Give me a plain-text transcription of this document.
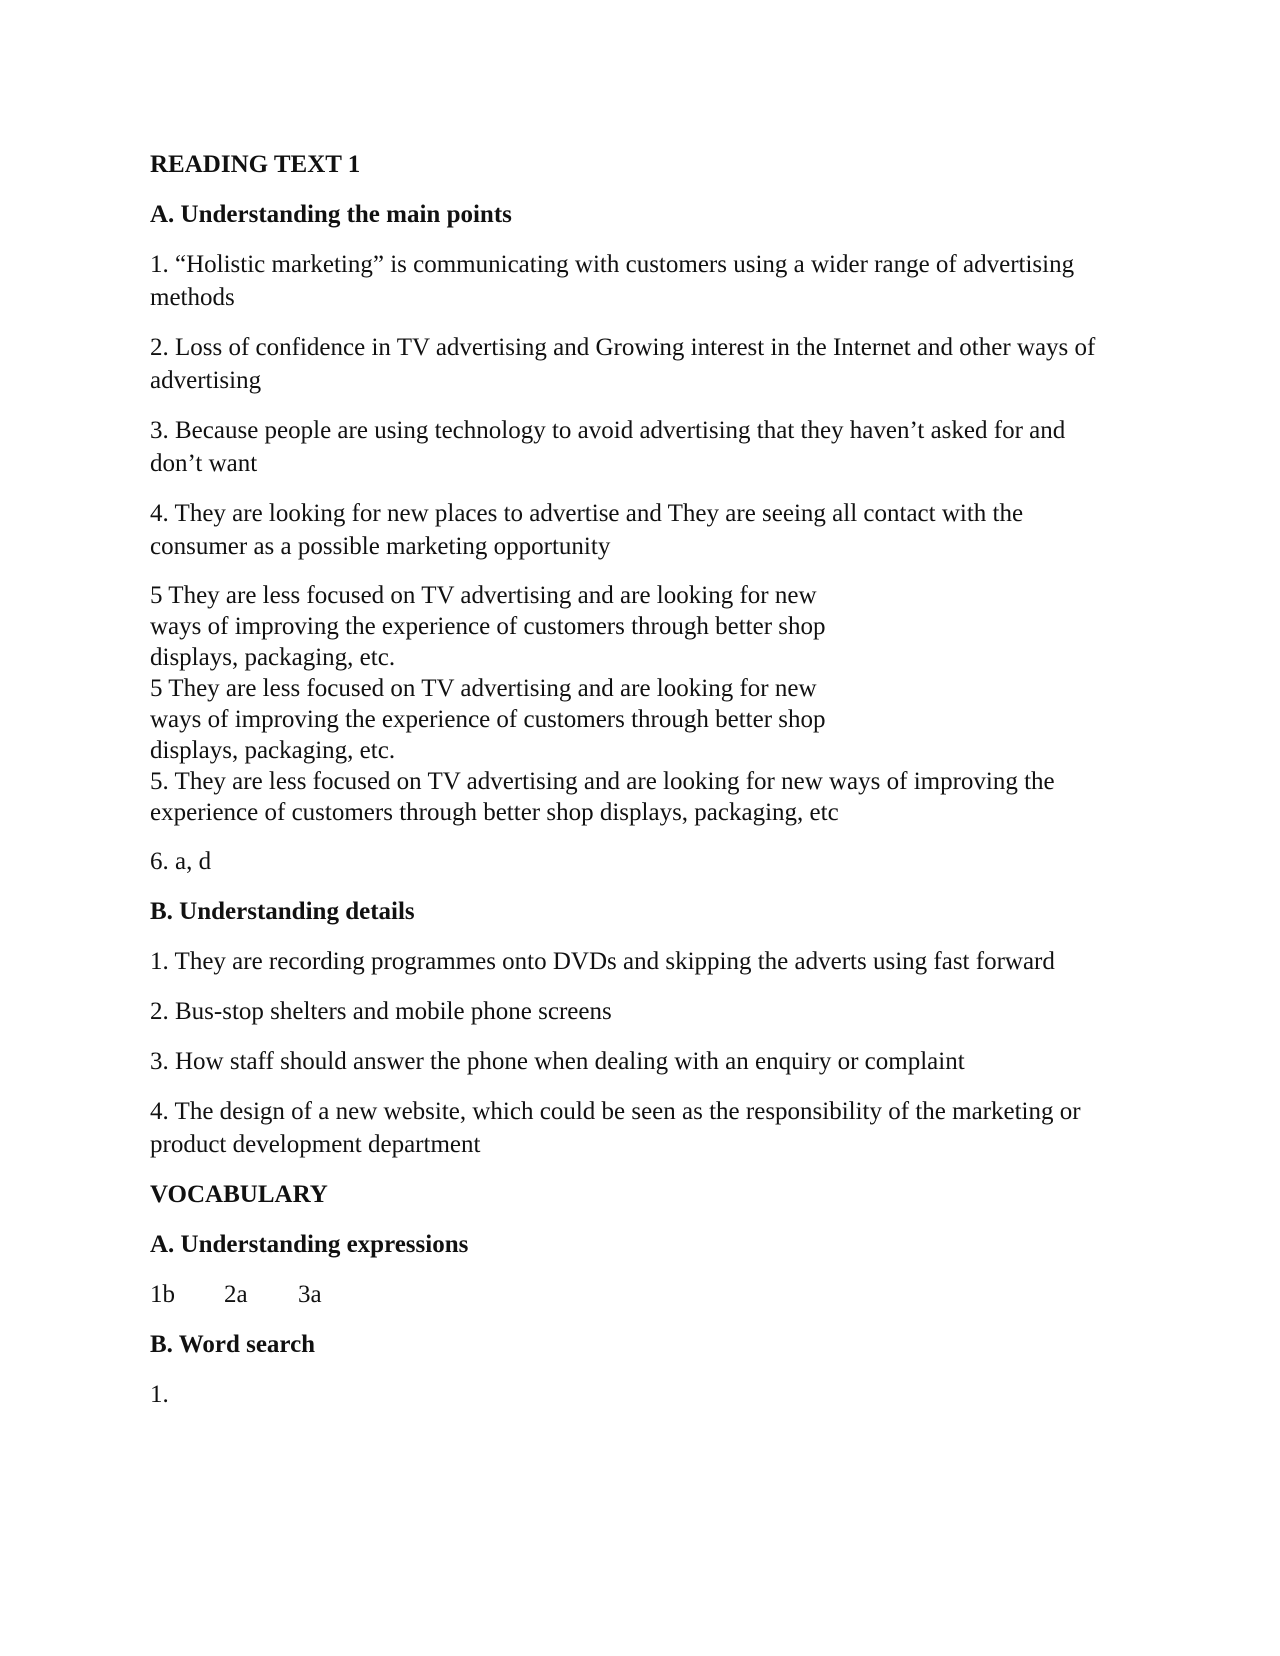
READING TEXT 1
A. Understanding the main points
1. “Holistic marketing” is communicating with customers using a wider range of advertising methods
2. Loss of confidence in TV advertising and Growing interest in the Internet and other ways of advertising
3. Because people are using technology to avoid advertising that they haven’t asked for and don’t want
4. They are looking for new places to advertise and They are seeing all contact with the consumer as a possible marketing opportunity
5 They are less focused on TV advertising and are looking for new
ways of improving the experience of customers through better shop
displays, packaging, etc.
5 They are less focused on TV advertising and are looking for new
ways of improving the experience of customers through better shop
displays, packaging, etc.
5. They are less focused on TV advertising and are looking for new ways of improving the experience of customers through better shop displays, packaging, etc
6. a, d
B. Understanding details
1. They are recording programmes onto DVDs and skipping the adverts using fast forward
2. Bus-stop shelters and mobile phone screens
3. How staff should answer the phone when dealing with an enquiry or complaint
4. The design of a new website, which could be seen as the responsibility of the marketing or product development department
VOCABULARY
A. Understanding expressions
1b 2a 3a
B. Word search
1.
